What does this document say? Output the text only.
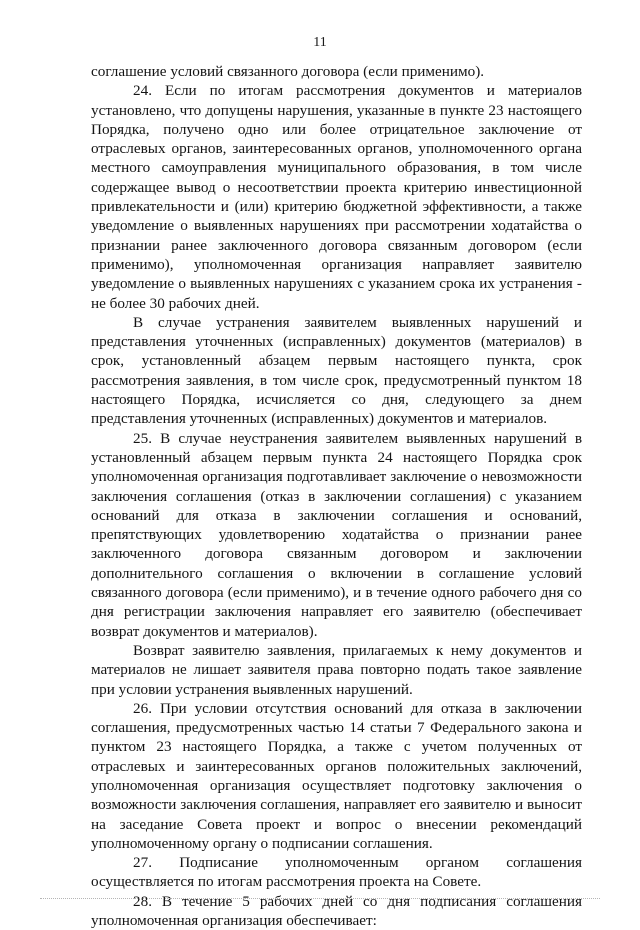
11

соглашение условий связанного договора (если применимо).

24. Если по итогам рассмотрения документов и материалов установлено, что допущены нарушения, указанные в пункте 23 настоящего Порядка, получено одно или более отрицательное заключение от отраслевых органов, заинтересованных органов, уполномоченного органа местного самоуправления муниципального образования, в том числе содержащее вывод о несоответствии проекта критерию инвестиционной привлекательности и (или) критерию бюджетной эффективности, а также уведомление о выявленных нарушениях при рассмотрении ходатайства о признании ранее заключенного договора связанным договором (если применимо), уполномоченная организация направляет заявителю уведомление о выявленных нарушениях с указанием срока их устранения - не более 30 рабочих дней.

В случае устранения заявителем выявленных нарушений и представления уточненных (исправленных) документов (материалов) в срок, установленный абзацем первым настоящего пункта, срок рассмотрения заявления, в том числе срок, предусмотренный пунктом 18 настоящего Порядка, исчисляется со дня, следующего за днем представления уточненных (исправленных) документов и материалов.

25. В случае неустранения заявителем выявленных нарушений в установленный абзацем первым пункта 24 настоящего Порядка срок уполномоченная организация подготавливает заключение о невозможности заключения соглашения (отказ в заключении соглашения) с указанием оснований для отказа в заключении соглашения и оснований, препятствующих удовлетворению ходатайства о признании ранее заключенного договора связанным договором и заключении дополнительного соглашения о включении в соглашение условий связанного договора (если применимо), и в течение одного рабочего дня со дня регистрации заключения направляет его заявителю (обеспечивает возврат документов и материалов).

Возврат заявителю заявления, прилагаемых к нему документов и материалов не лишает заявителя права повторно подать такое заявление при условии устранения выявленных нарушений.

26. При условии отсутствия оснований для отказа в заключении соглашения, предусмотренных частью 14 статьи 7 Федерального закона и пунктом 23 настоящего Порядка, а также с учетом полученных от отраслевых и заинтересованных органов положительных заключений, уполномоченная организация осуществляет подготовку заключения о возможности заключения соглашения, направляет его заявителю и выносит на заседание Совета проект и вопрос о внесении рекомендаций уполномоченному органу о подписании соглашения.

27. Подписание уполномоченным органом соглашения осуществляется по итогам рассмотрения проекта на Совете.

28. В течение 5 рабочих дней со дня подписания соглашения уполномоченная организация обеспечивает:
